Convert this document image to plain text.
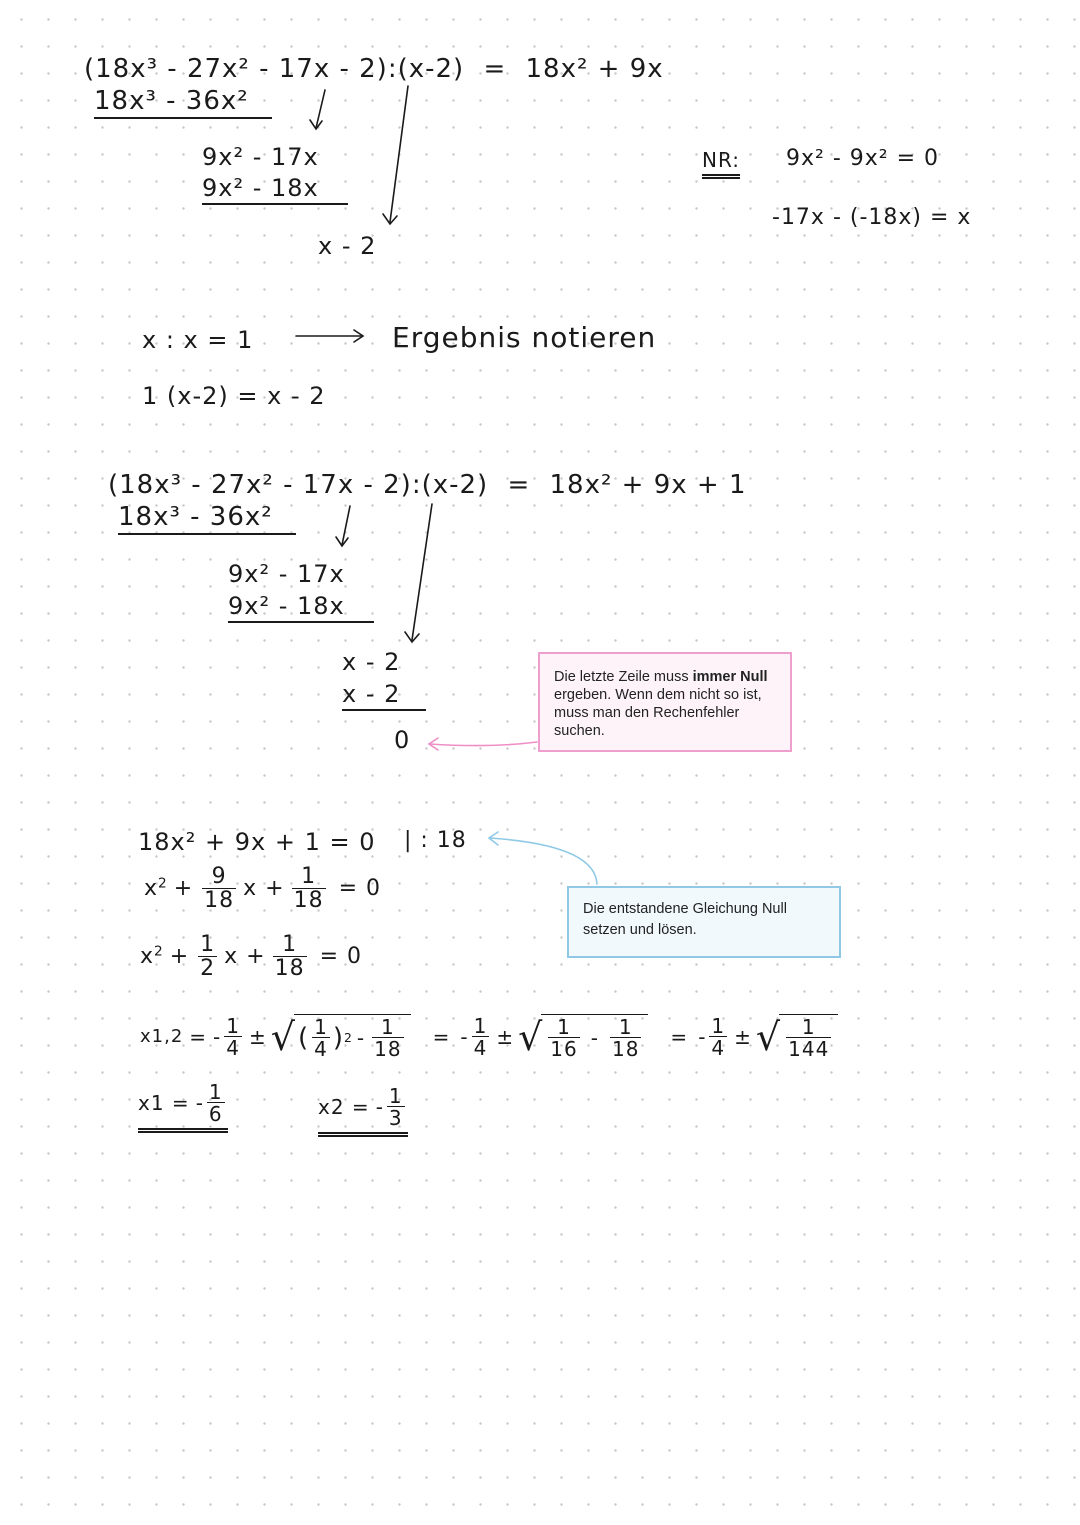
(18x³ - 27x² - 17x - 2):(x-2) = 18x² + 9x
18x³ - 36x²
9x² - 17x
9x² - 18x
x - 2
NR: 9x² - 9x² = 0
-17x - (-18x) = x
x : x = 1	Ergebnis notieren
1 (x-2) = x - 2
(18x³ - 27x² - 17x - 2):(x-2) = 18x² + 9x + 1
18x³ - 36x²
9x² - 17x
9x² - 18x
x - 2
x - 2
0
Die letzte Zeile muss immer Null ergeben. Wenn dem nicht so ist, muss man den Rechenfehler suchen.
18x² + 9x + 1 = 0 | : 18
Die entstandene Gleichung Null setzen und lösen.
$x^2 + \frac{9}{18}$ $x + \frac{1}{18} = 0$
$x^2 + \frac{1}{2}$ $x + \frac{1}{18} = 0$
x1,2 = - $\frac{1}{4}$ ± √ ( $\frac{1}{4}$ ) $2 - \frac{1}{18}$ = - $\frac{1}{4}$ ± √ $\frac{1}{16} - \frac{1}{18}$ = - $\frac{1}{4}$ ± √ $\frac{1}{144}$
x1 = - $\frac{1}{6}$	x2 = - $\frac{1}{3}$
